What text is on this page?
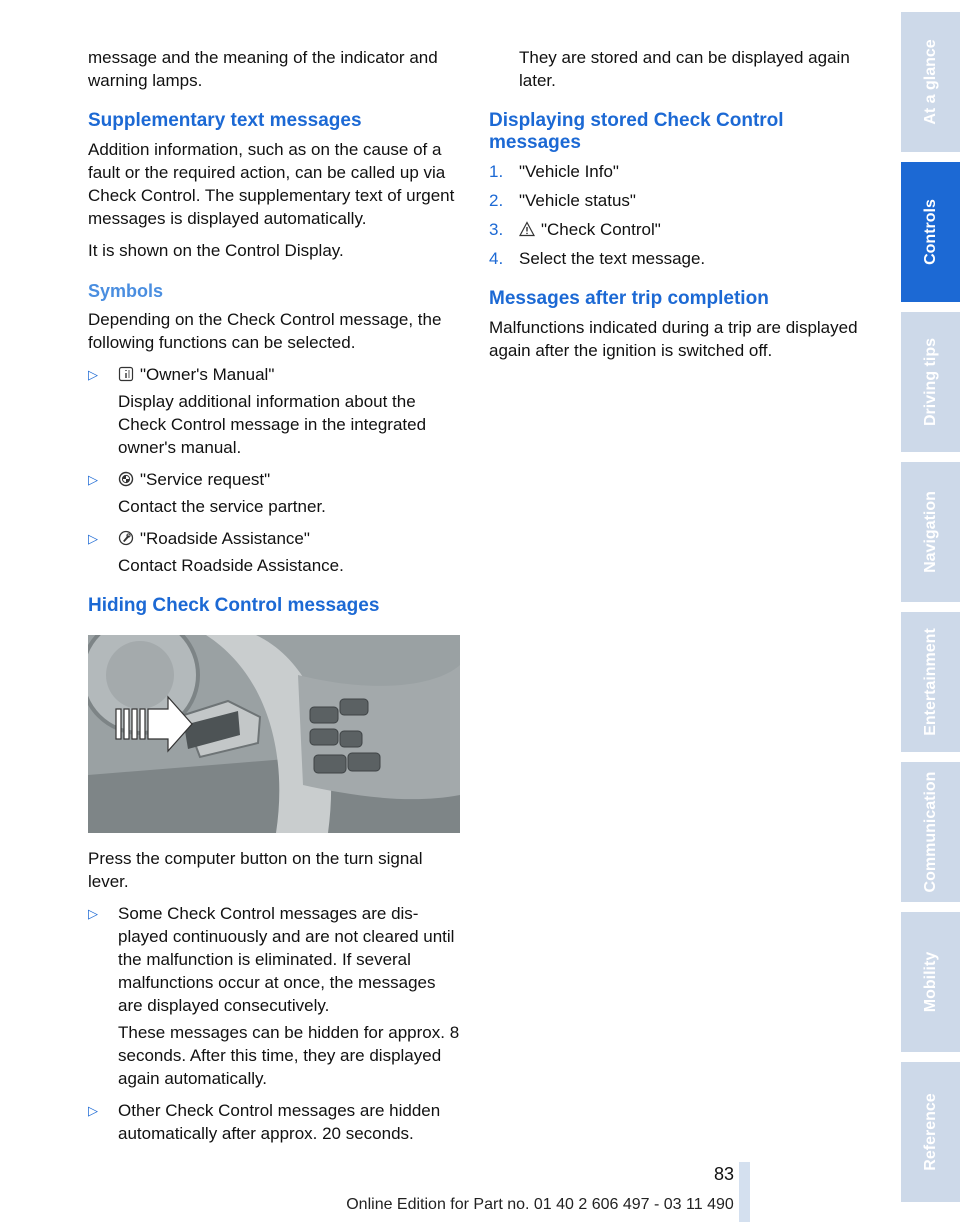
message and the meaning of the indicator and warning lamps.

Supplementary text messages

Addition information, such as on the cause of a fault or the required action, can be called up via Check Control. The supplementary text of urgent messages is displayed automatically.

It is shown on the Control Display.

Symbols

Depending on the Check Control message, the following functions can be selected.

▷	"Owner's Manual"

Display additional information about the Check Control message in the integrated owner's manual.

▷	"Service request"

Contact the service partner.

▷	"Roadside Assistance"

Contact Roadside Assistance.

Hiding Check Control messages

Press the computer button on the turn signal lever.

▷ Some Check Control messages are displayed continuously and are not cleared until the malfunction is eliminated. If several malfunctions occur at once, the messages are displayed consecutively.

These messages can be hidden for approx. 8 seconds. After this time, they are displayed again automatically.

▷ Other Check Control messages are hidden automatically after approx. 20 seconds.

They are stored and can be displayed again later.

Displaying stored Check Control messages
1. "Vehicle Info"
2. "Vehicle status"
3. "Check Control"
4. Select the text message.
Messages after trip completion

Malfunctions indicated during a trip are displayed again after the ignition is switched off.

At a glance
Controls
Driving tips
Navigation
Entertainment
Communication
Mobility
Reference
83
Online Edition for Part no. 01 40 2 606 497 - 03 11 490
